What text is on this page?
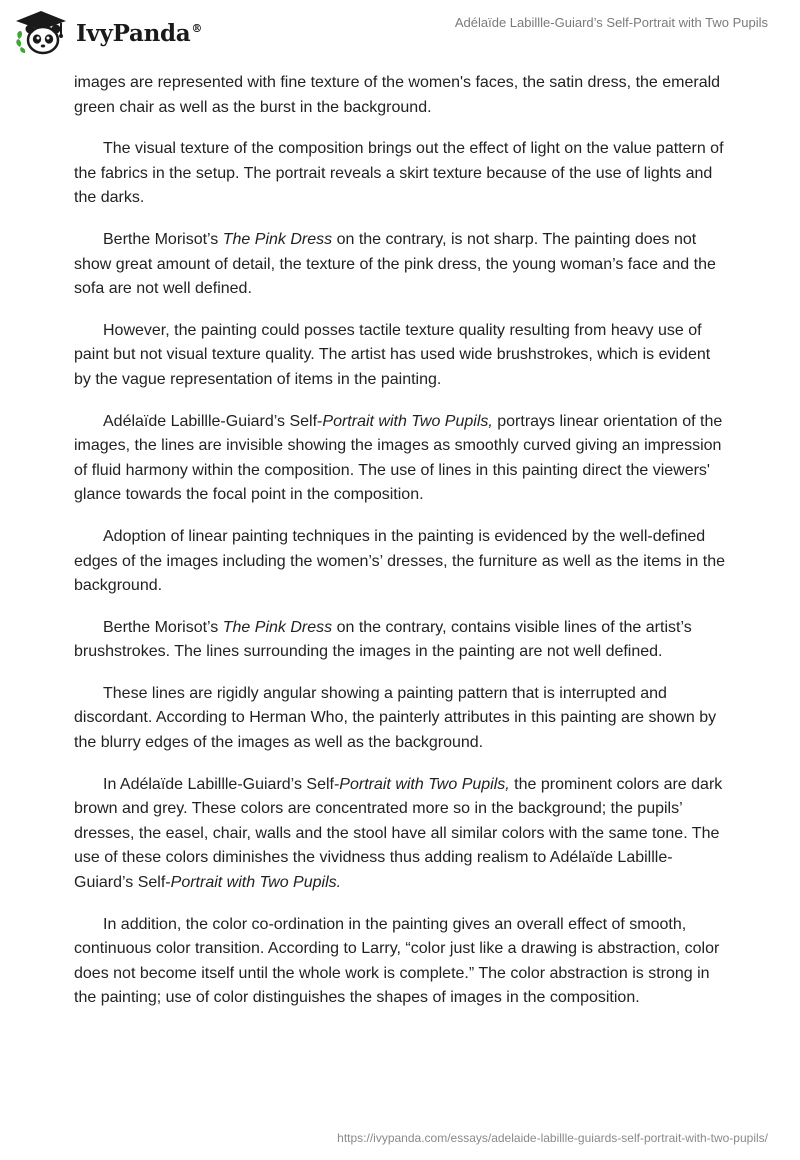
IvyPanda®	Adélaïde Labillle-Guiard’s Self-Portrait with Two Pupils

images are represented with fine texture of the women's faces, the satin dress, the emerald green chair as well as the burst in the background.

The visual texture of the composition brings out the effect of light on the value pattern of the fabrics in the setup. The portrait reveals a skirt texture because of the use of lights and the darks.

Berthe Morisot’s The Pink Dress on the contrary, is not sharp. The painting does not show great amount of detail, the texture of the pink dress, the young woman’s face and the sofa are not well defined.

However, the painting could posses tactile texture quality resulting from heavy use of paint but not visual texture quality. The artist has used wide brushstrokes, which is evident by the vague representation of items in the painting.

Adélaïde Labillle-Guiard’s Self-Portrait with Two Pupils, portrays linear orientation of the images, the lines are invisible showing the images as smoothly curved giving an impression of fluid harmony within the composition. The use of lines in this painting direct the viewers' glance towards the focal point in the composition.

Adoption of linear painting techniques in the painting is evidenced by the well-defined edges of the images including the women’s’ dresses, the furniture as well as the items in the background.

Berthe Morisot’s The Pink Dress on the contrary, contains visible lines of the artist’s brushstrokes. The lines surrounding the images in the painting are not well defined.

These lines are rigidly angular showing a painting pattern that is interrupted and discordant. According to Herman Who, the painterly attributes in this painting are shown by the blurry edges of the images as well as the background.

In Adélaïde Labillle-Guiard’s Self-Portrait with Two Pupils, the prominent colors are dark brown and grey. These colors are concentrated more so in the background; the pupils’ dresses, the easel, chair, walls and the stool have all similar colors with the same tone. The use of these colors diminishes the vividness thus adding realism to Adélaïde Labillle-Guiard’s Self-Portrait with Two Pupils.

In addition, the color co-ordination in the painting gives an overall effect of smooth, continuous color transition. According to Larry, “color just like a drawing is abstraction, color does not become itself until the whole work is complete.” The color abstraction is strong in the painting; use of color distinguishes the shapes of images in the composition.

https://ivypanda.com/essays/adelaide-labillle-guiards-self-portrait-with-two-pupils/
